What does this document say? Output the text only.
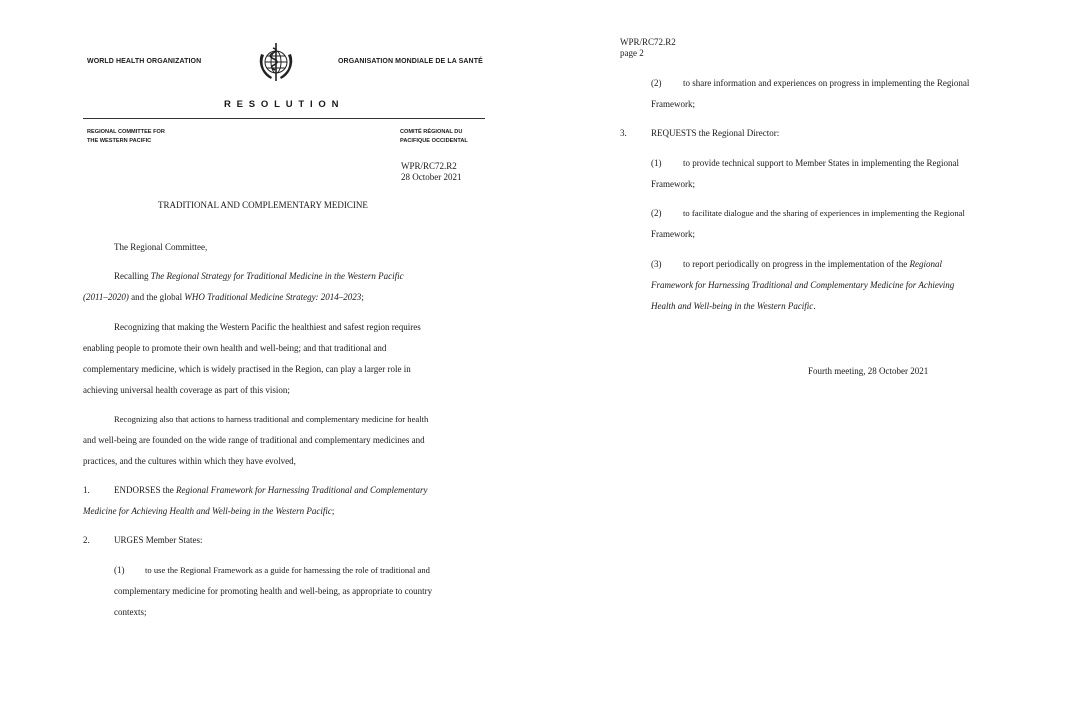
WORLD HEALTH ORGANIZATION	ORGANISATION MONDIALE DE LA SANTÉ
RESOLUTION
REGIONAL COMMITTEE FOR
THE WESTERN PACIFIC
COMITÉ RÉGIONAL DU
PACIFIQUE OCCIDENTAL
WPR/RC72.R2
28 October 2021
TRADITIONAL AND COMPLEMENTARY MEDICINE
The Regional Committee,
Recalling The Regional Strategy for Traditional Medicine in the Western Pacific
(2011–2020) and the global WHO Traditional Medicine Strategy: 2014–2023;
Recognizing that making the Western Pacific the healthiest and safest region requires
enabling people to promote their own health and well-being; and that traditional and
complementary medicine, which is widely practised in the Region, can play a larger role in
achieving universal health coverage as part of this vision;
Recognizing also that actions to harness traditional and complementary medicine for health
and well-being are founded on the wide range of traditional and complementary medicines and
practices, and the cultures within which they have evolved,
1.	ENDORSES the Regional Framework for Harnessing Traditional and Complementary
Medicine for Achieving Health and Well-being in the Western Pacific;
2.	URGES Member States:
(1) to use the Regional Framework as a guide for harnessing the role of traditional and
complementary medicine for promoting health and well-being, as appropriate to country
contexts;
WPR/RC72.R2
page 2
(2) to share information and experiences on progress in implementing the Regional
Framework;
3.	REQUESTS the Regional Director:
(1) to provide technical support to Member States in implementing the Regional
Framework;
(2)	to facilitate dialogue and the sharing of experiences in implementing the Regional
Framework;
(3) to report periodically on progress in the implementation of the Regional
Framework for Harnessing Traditional and Complementary Medicine for Achieving
Health and Well-being in the Western Pacific.
Fourth meeting, 28 October 2021
